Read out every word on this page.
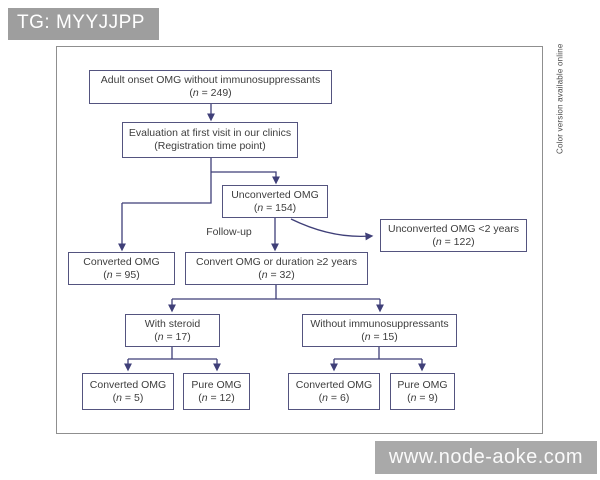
TG: MYYJJPP
Adult onset OMG without immunosuppressants
(n = 249)
Evaluation at first visit in our clinics
(Registration time point)
Unconverted OMG
(n = 154)
Converted OMG
(n = 95)
Convert OMG or duration ≥2 years
(n = 32)
Unconverted OMG <2 years
(n = 122)
Follow-up
With steroid
(n = 17)
Without immunosuppressants
(n = 15)
Converted OMG
(n = 5)
Pure OMG
(n = 12)
Converted OMG
(n = 6)
Pure OMG
(n = 9)
Color version available online
www.node-aoke.com
